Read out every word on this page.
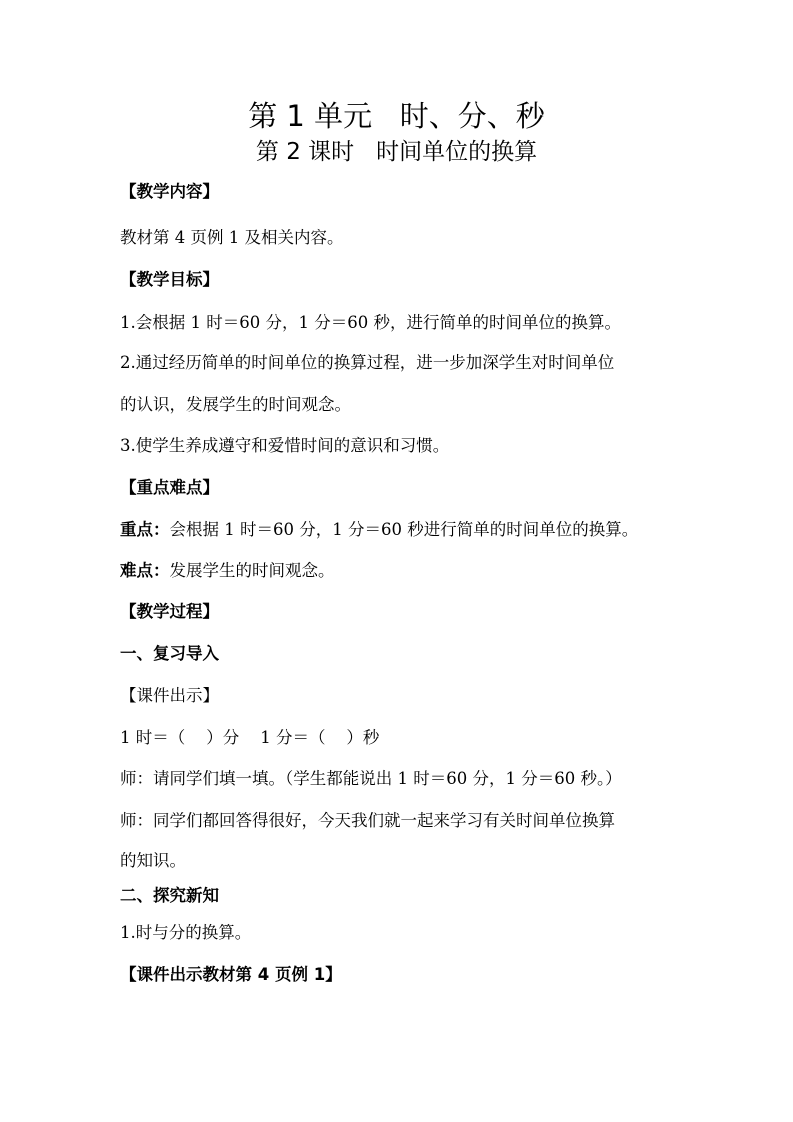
第 1 单元   时、分、秒
第 2 课时   时间单位的换算
【教学内容】
教材第 4 页例 1 及相关内容。
【教学目标】
1.会根据 1 时＝60 分，1 分＝60 秒，进行简单的时间单位的换算。
2.通过经历简单的时间单位的换算过程，进一步加深学生对时间单位
的认识，发展学生的时间观念。
3.使学生养成遵守和爱惜时间的意识和习惯。
【重点难点】
重点：会根据 1 时＝60 分，1 分＝60 秒进行简单的时间单位的换算。
难点：发展学生的时间观念。
【教学过程】
一、复习导入
【课件出示】
1 时＝（    ）分    1 分＝（    ）秒
师：请同学们填一填。（学生都能说出 1 时＝60 分，1 分＝60 秒。）
师：同学们都回答得很好，今天我们就一起来学习有关时间单位换算
的知识。
二、探究新知
1.时与分的换算。
【课件出示教材第 4 页例 1】
